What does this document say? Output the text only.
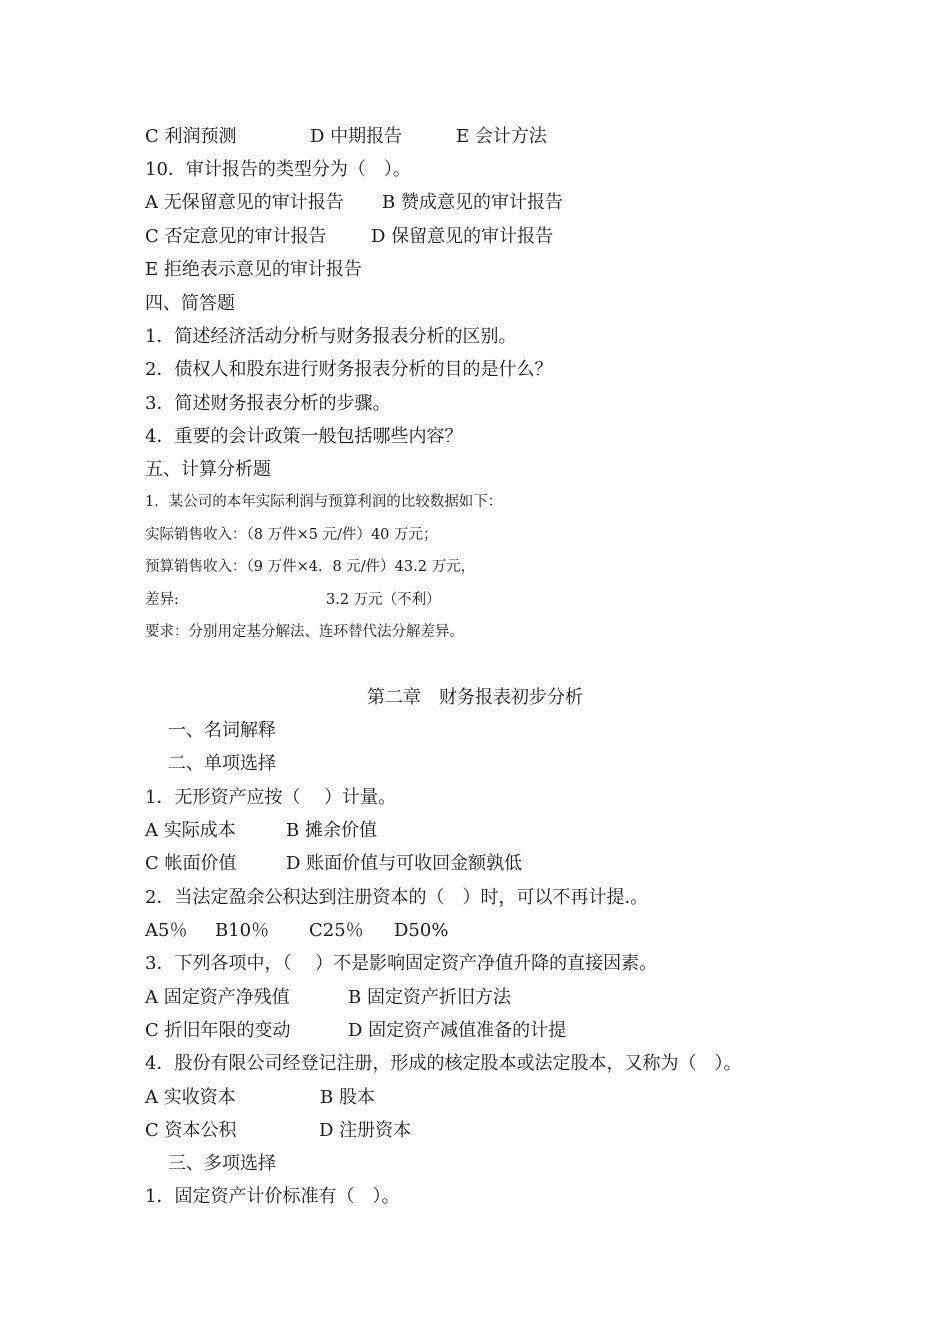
C 利润预测

	D 中期报告

	E 会计方法

10．审计报告的类型分为（　）。

A 无保留意见的审计报告

B 赞成意见的审计报告

C 否定意见的审计报告

D 保留意见的审计报告

E 拒绝表示意见的审计报告
四、简答题
1．简述经济活动分析与财务报表分析的区别。
2．债权人和股东进行财务报表分析的目的是什么？
3．简述财务报表分析的步骤。
4．重要的会计政策一般包括哪些内容？
五、计算分析题
1．某公司的本年实际利润与预算利润的比较数据如下：
实际销售收入：（8 万件×5 元/件）40 万元；
预算销售收入：（9 万件×4．8 元/件）43.2 万元，

差异:

	3.2 万元（不利）

要求：分别用定基分解法、连环替代法分解差异。
第二章　财务报表初步分析
一、名词解释
二、单项选择
1．无形资产应按（　 ）计量。

A 实际成本

	B 摊余价值

C 帐面价值

	D 账面价值与可收回金额孰低

2．当法定盈余公积达到注册资本的（　）时，可以不再计提.。

A5％

B10％

C25％

D50%

3．下列各项中，（　 ）不是影响固定资产净值升降的直接因素。

A 固定资产净残值

	B 固定资产折旧方法

C 折旧年限的变动

	D 固定资产减值准备的计提

4．股份有限公司经登记注册，形成的核定股本或法定股本，又称为（　）。

A 实收资本

	B 股本

C 资本公积

	D 注册资本

三、多项选择
1．固定资产计价标准有（　）。
